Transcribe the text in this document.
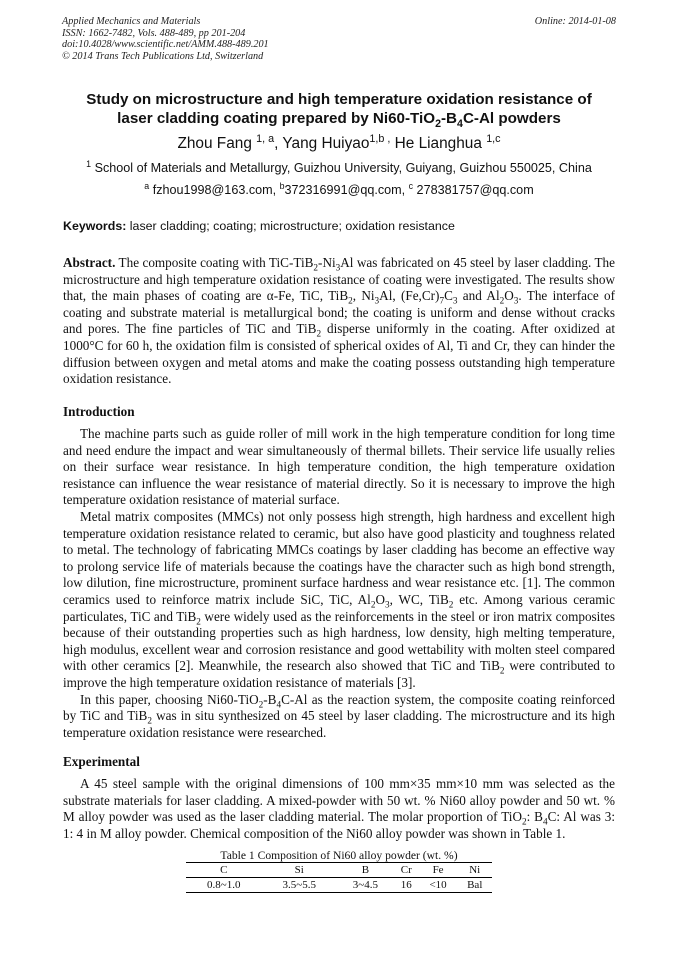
Applied Mechanics and Materials
ISSN: 1662-7482, Vols. 488-489, pp 201-204
doi:10.4028/www.scientific.net/AMM.488-489.201
© 2014 Trans Tech Publications Ltd, Switzerland
Online: 2014-01-08
Study on microstructure and high temperature oxidation resistance of
laser cladding coating prepared by $Ni60-TiO_2-B_4C-Al$ powders
Zhou Fang $^{1, a}$, Yang Huiyao$^{1,b ,}$ He Lianghua $^{1,c}$
$^1$ School of Materials and Metallurgy, Guizhou University, Guiyang, Guizhou 550025, China
$^a$ fzhou1998@163.com, $^b$372316991@qq.com, $^c$ 278381757@qq.com
Keywords: laser cladding; coating; microstructure; oxidation resistance

Abstract. The composite coating with TiC-$TiB_2-Ni_3Al$ was fabricated on 45 steel by laser cladding. The microstructure and high temperature oxidation resistance of coating were investigated. The results show that, the main phases of coating are α-Fe, TiC, TiB$_2$, $Ni_3Al$, $(Fe,Cr)_7C_3$ and $Al_2O_3$. The interface of coating and substrate material is metallurgical bond; the coating is uniform and dense without cracks and pores. The fine particles of TiC and TiB$_2$ disperse uniformly in the coating. After oxidized at 1000°C for 60 h, the oxidation film is consisted of spherical oxides of Al, Ti and Cr, they can hinder the diffusion between oxygen and metal atoms and make the coating possess outstanding high temperature oxidation resistance.

Introduction

The machine parts such as guide roller of mill work in the high temperature condition for long time and need endure the impact and wear simultaneously of thermal billets. Their service life usually relies on their surface wear resistance. In high temperature condition, the high temperature oxidation resistance can influence the wear resistance of material directly. So it is necessary to improve the high temperature oxidation resistance of material surface.

Metal matrix composites (MMCs) not only possess high strength, high hardness and excellent high temperature oxidation resistance related to ceramic, but also have good plasticity and toughness related to metal. The technology of fabricating MMCs coatings by laser cladding has become an effective way to prolong service life of materials because the coatings have the character such as high bond strength, low dilution, fine microstructure, prominent surface hardness and wear resistance etc. [1]. The common ceramics used to reinforce matrix include SiC, TiC, $Al_2O_3$, WC, TiB$_2$ etc. Among various ceramic particulates, TiC and TiB$_2$ were widely used as the reinforcements in the steel or iron matrix composites because of their outstanding properties such as high hardness, low density, high melting temperature, high modulus, excellent wear and corrosion resistance and good wettability with molten steel compared with other ceramics [2]. Meanwhile, the research also showed that TiC and TiB$_2$ were contributed to improve the high temperature oxidation resistance of materials [3].

In this paper, choosing $Ni60-TiO_2-B_4C-Al$ as the reaction system, the composite coating reinforced by TiC and TiB$_2$ was in situ synthesized on 45 steel by laser cladding. The microstructure and its high temperature oxidation resistance were researched.

Experimental

A 45 steel sample with the original dimensions of 100 mm×35 mm×10 mm was selected as the substrate materials for laser cladding. A mixed-powder with 50 wt. % Ni60 alloy powder and 50 wt. % M alloy powder was used as the laser cladding material. The molar proportion of TiO$_2$: $B_4C$: Al was 3: 1: 4 in M alloy powder. Chemical composition of the Ni60 alloy powder was shown in Table 1.

Table 1 Composition of Ni60 alloy powder (wt. %)
C	Si	B	Cr	Fe	Ni
0.8~1.0	3.5~5.5	3~4.5	16	<10	Bal
